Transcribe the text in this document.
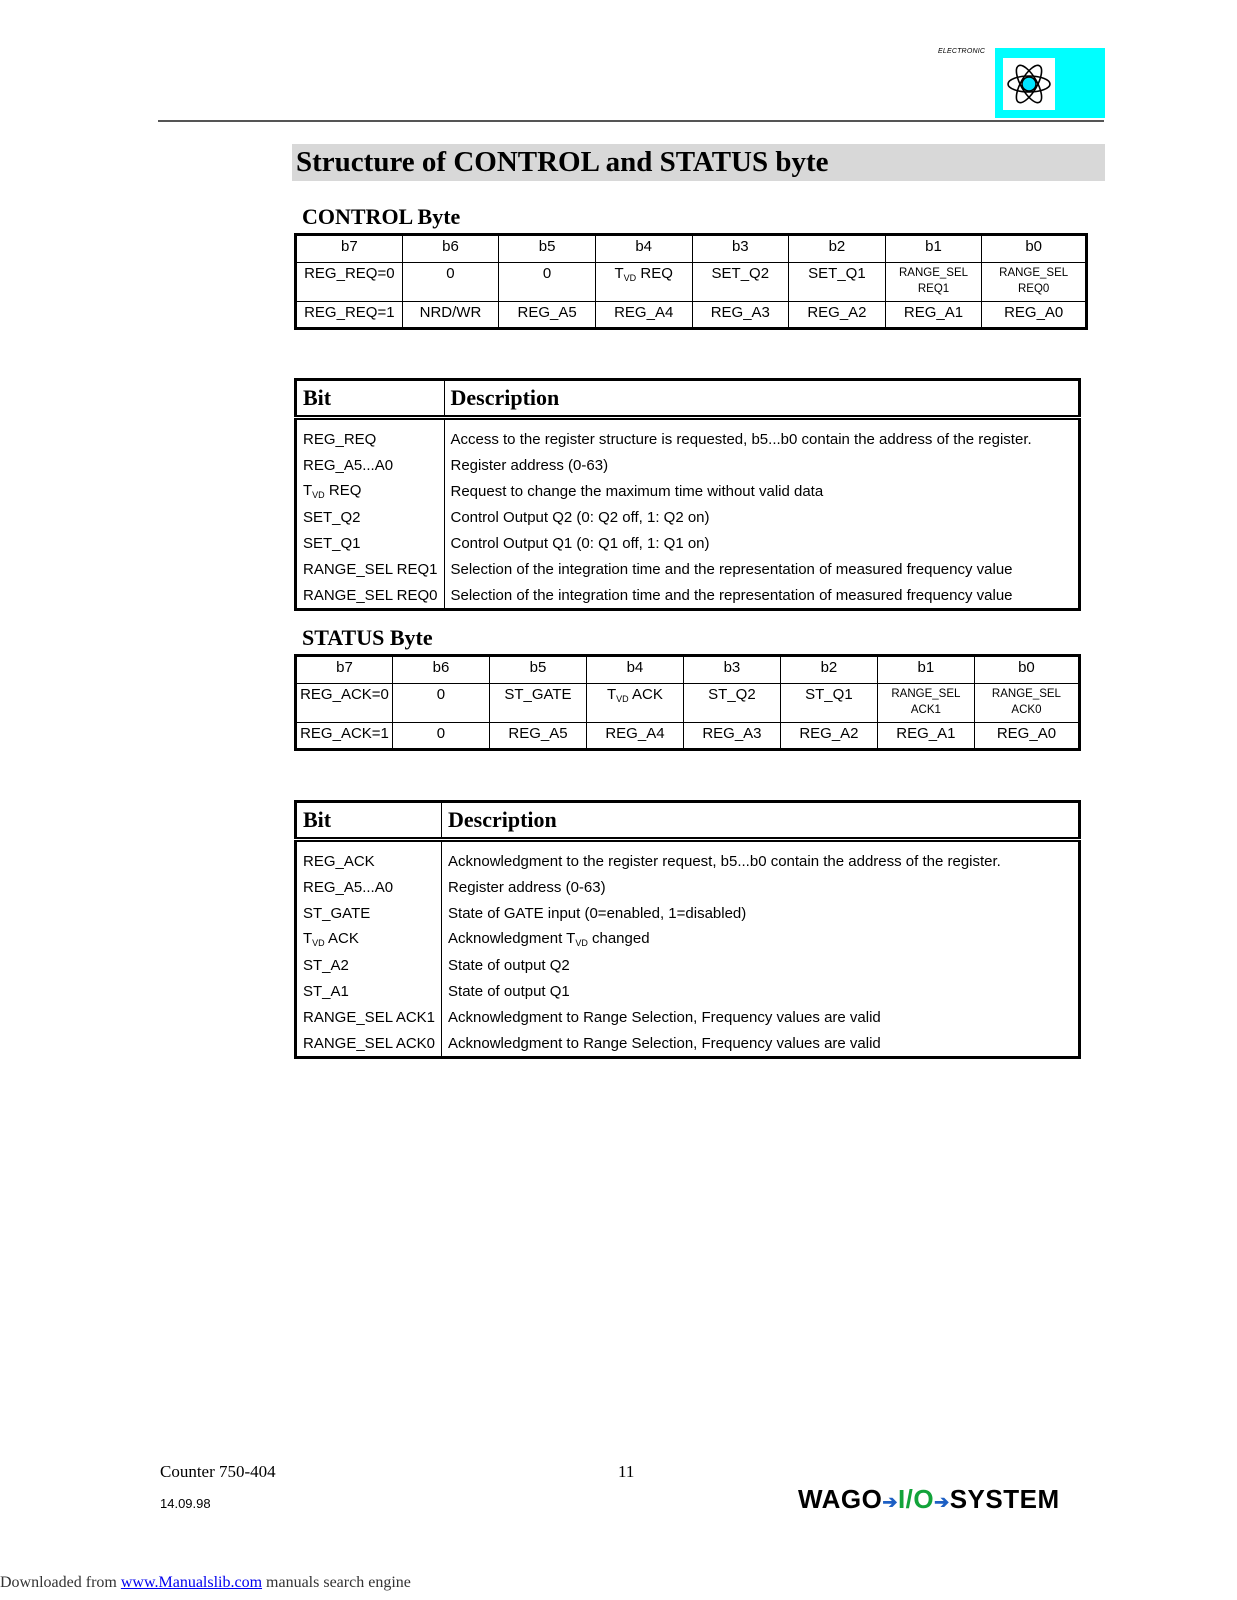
ELECTRONIC
Structure of CONTROL and STATUS byte
CONTROL Byte
b7	b6	b5	b4	b3	b2	b1	b0
REG_REQ=0	0	0	$T_{VD}$ REQ	SET_Q2	SET_Q1	RANGE_SEL REQ1	RANGE_SEL REQ0
REG_REQ=1	NRD/WR	REG_A5	REG_A4	REG_A3	REG_A2	REG_A1	REG_A0
Bit	Description
REG_REQ	Access to the register structure is requested, b5...b0 contain the address of the register.
REG_A5...A0	Register address (0-63)
$T_{VD}$ REQ	Request to change the maximum time without valid data
SET_Q2	Control Output Q2 (0: Q2 off, 1: Q2 on)
SET_Q1	Control Output Q1 (0: Q1 off, 1: Q1 on)
RANGE_SEL REQ1	Selection of the integration time and the representation of measured frequency value
RANGE_SEL REQ0	Selection of the integration time and the representation of measured frequency value
STATUS Byte
b7	b6	b5	b4	b3	b2	b1	b0
REG_ACK=0	0	ST_GATE	$T_{VD}$ ACK	ST_Q2	ST_Q1	RANGE_SEL ACK1	RANGE_SEL ACK0
REG_ACK=1	0	REG_A5	REG_A4	REG_A3	REG_A2	REG_A1	REG_A0
Bit	Description
REG_ACK	Acknowledgment to the register request, b5...b0 contain the address of the register.
REG_A5...A0	Register address (0-63)
ST_GATE	State of GATE input (0=enabled, 1=disabled)
$T_{VD}$ ACK	Acknowledgment $T_{VD}$ changed
ST_A2	State of output Q2
ST_A1	State of output Q1
RANGE_SEL ACK1	Acknowledgment to Range Selection, Frequency values are valid
RANGE_SEL ACK0	Acknowledgment to Range Selection, Frequency values are valid
Counter 750-404
14.09.98
11
WAGO➔I/O➔SYSTEM
Downloaded from www.Manualslib.com manuals search engine
